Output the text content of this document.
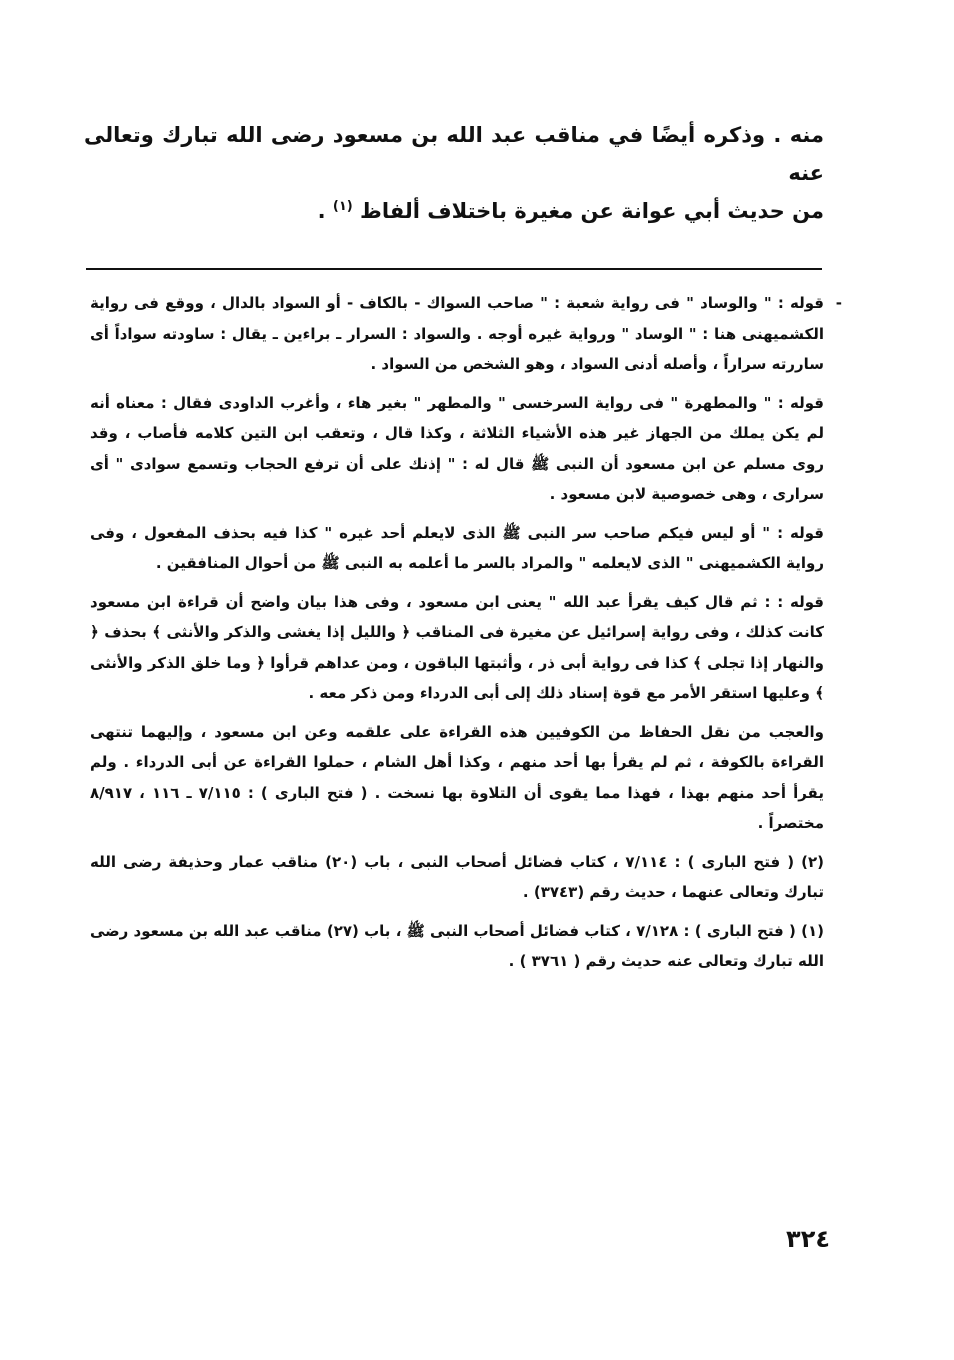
منه . وذكره أيضًا في مناقب عبد الله بن مسعود رضى الله تبارك وتعالى عنه

من حديث أبي عوانة عن مغيرة باختلاف ألفاظ $^{(١)}$ .

-

قوله : " والوساد " فى رواية شعبة : " صاحب السواك - بالكاف - أو السواد بالدال ، ووقع فى رواية الكشميهنى هنا : " الوساد " ورواية غيره أوجه . والسواد : السرار ـ براءين ـ يقال : ساودته سواداً أى ساررته سراراً ، وأصله أدنى السواد ، وهو الشخص من السواد .

قوله : " والمطهرة " فى رواية السرخسى " والمطهر " بغير هاء ، وأغرب الداودى فقال : معناه أنه لم يكن يملك من الجهاز غير هذه الأشياء الثلاثة ، وكذا قال ، وتعقب ابن التين كلامه فأصاب ، وقد روى مسلم عن ابن مسعود أن النبى ﷺ قال له : " إذنك على أن ترفع الحجاب وتسمع سوادى " أى سرارى ، وهى خصوصية لابن مسعود .

قوله : " أو ليس فيكم صاحب سر النبى ﷺ الذى لايعلم أحد غيره " كذا فيه بحذف المفعول ، وفى رواية الكشميهنى " الذى لايعلمه " والمراد بالسر ما أعلمه به النبى ﷺ من أحوال المنافقين .

قوله : : ثم قال كيف يقرأ عبد الله " يعنى ابن مسعود ، وفى هذا بيان واضح أن قراءة ابن مسعود كانت كذلك ، وفى رواية إسرائيل عن مغيرة فى المناقب ﴿ والليل إذا يغشى والذكر والأنثى ﴾ بحذف ﴿ والنهار إذا تجلى ﴾ كذا فى رواية أبى ذر ، وأثبتها الباقون ، ومن عداهم قرأوا ﴿ وما خلق الذكر والأنثى ﴾ وعليها استقر الأمر مع قوة إسناد ذلك إلى أبى الدرداء ومن ذكر معه .

والعجب من نقل الحفاظ من الكوفيين هذه القراءة على علقمه وعن ابن مسعود ، وإليهما تنتهى القراءة بالكوفة ، ثم لم يقرأ بها أحد منهم ، وكذا أهل الشام ، حملوا القراءة عن أبى الدرداء . ولم يقرأ أحد منهم بهذا ، فهذا مما يقوى أن التلاوة بها نسخت . ( فتح البارى ) : ٧/١١٥ ـ ١١٦ ، ٨/٩١٧ مختصراً .

(٢) ( فتح البارى ) : ٧/١١٤ ، كتاب فضائل أصحاب النبى ، باب (٢٠) مناقب عمار وحذيفة رضى الله تبارك وتعالى عنهما ، حديث رقم (٣٧٤٣) .

(١) ( فتح البارى ) : ٧/١٢٨ ، كتاب فضائل أصحاب النبى ﷺ ، باب (٢٧) مناقب عبد الله بن مسعود رضى الله تبارك وتعالى عنه حديث رقم ( ٣٧٦١ ) .

٣٢٤
